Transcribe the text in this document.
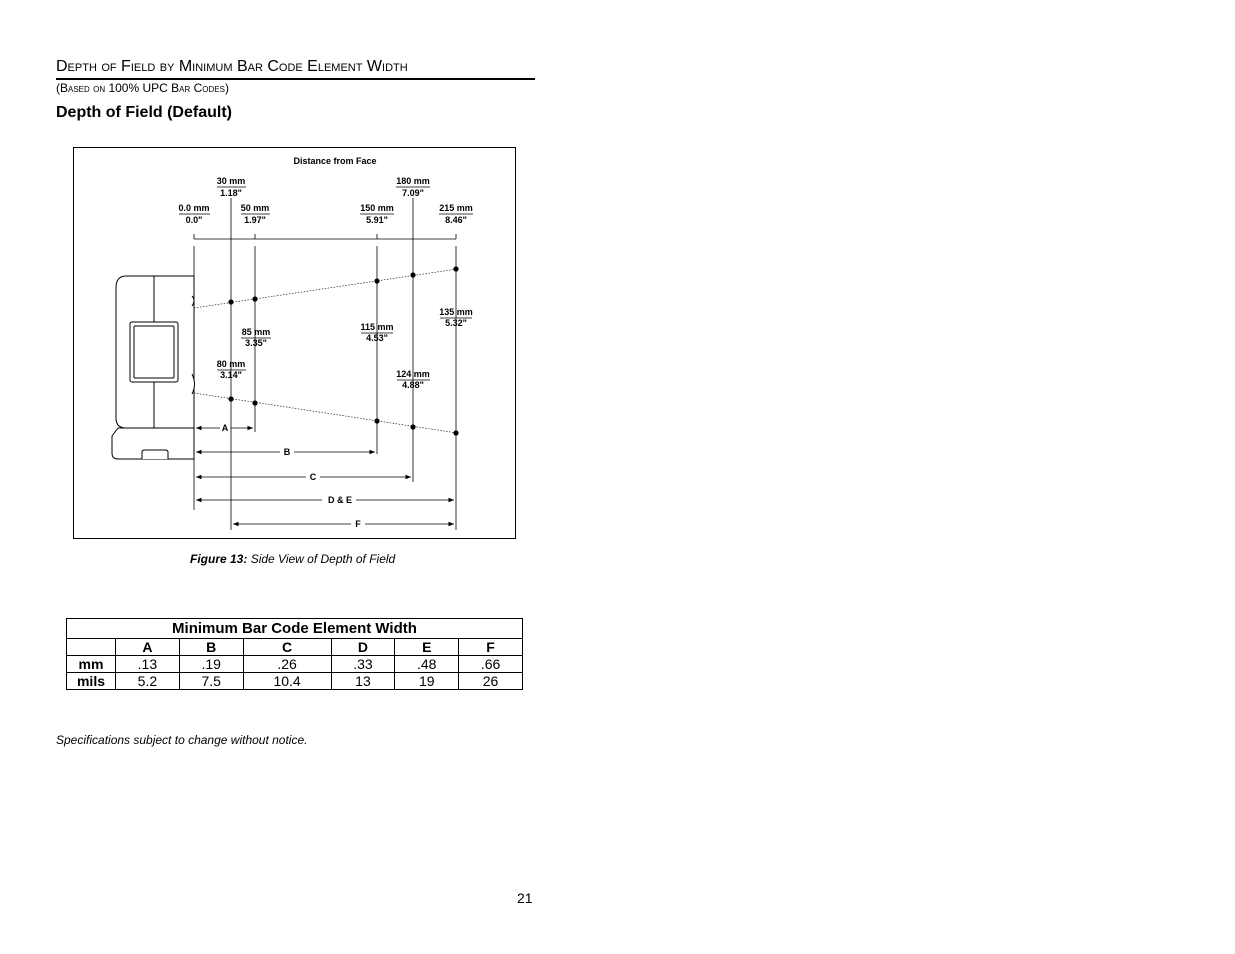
Depth of Field by Minimum Bar Code Element Width
(Based on 100% UPC Bar Codes)
Depth of Field (Default)
Distance from Face
0.0 mm
0.0"
30 mm
1.18"
50 mm
1.97"
150 mm
5.91"
180 mm
7.09"
215 mm
8.46"
80 mm
3.14"
85 mm
3.35"
115 mm
4.53"
124 mm
4.88"
135 mm
5.32"
A
B
C
D & E
F
Figure 13: Side View of Depth of Field
Minimum Bar Code Element Width						
	A	B	C	D	E	F
mm	.13	.19	.26	.33	.48	.66
mils	5.2	7.5	10.4	13	19	26
Specifications subject to change without notice.
21
